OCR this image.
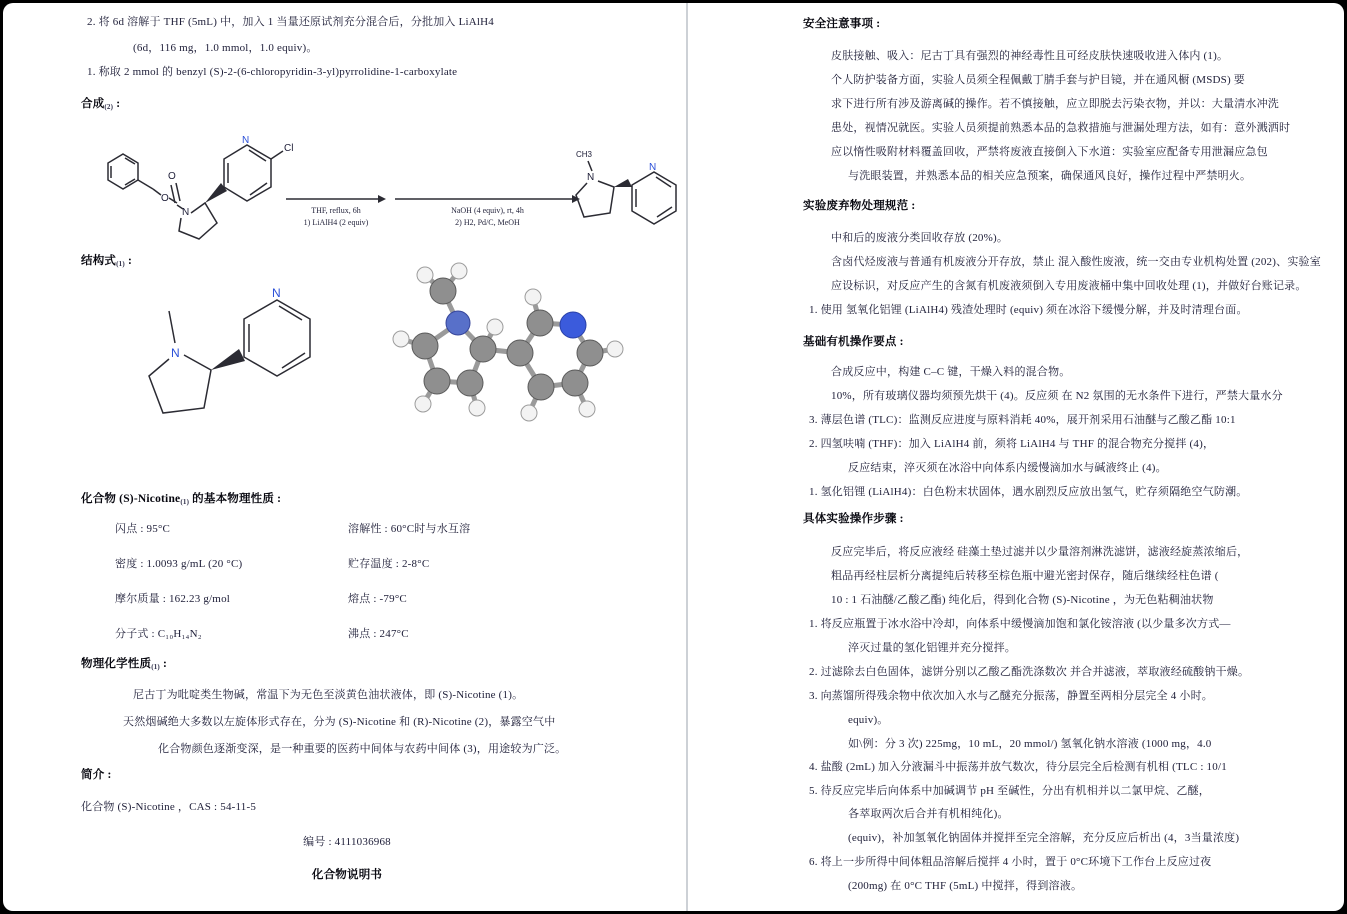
2. 将 6d 溶解于 THF (5mL) 中，加入 1 当量还原试剂充分混合后，分批加入 LiAlH4
(6d，116 mg，1.0 mmol，1.0 equiv)。
1. 称取 2 mmol 的 benzyl (S)-2-(6-chloropyridin-3-yl)pyrrolidine-1-carboxylate
合成$_{(2)}$ :
O
O
N
N
Cl
THF, reflux, 6h
1) LiAlH4 (2 equiv)
NaOH (4 equiv), rt, 4h
2) H2, Pd/C, MeOH
CH3
N
N
结构式$_{(1)}$ :
N
N
化合物 (S)-Nicotine$_{(1)}$ 的基本物理性质 :
闪点 : 95°C	溶解性 : 60°C时与水互溶
密度 : 1.0093 g/mL (20 °C)	贮存温度 : 2-8°C
摩尔质量 : 162.23 g/mol	熔点 : -79°C
分子式 : C₁₀H₁₄N₂	沸点 : 247°C
物理化学性质$_{(1)}$ :
尼古丁为吡啶类生物碱，常温下为无色至淡黄色油状液体，即 (S)-Nicotine (1)。
天然烟碱绝大多数以左旋体形式存在，分为 (S)-Nicotine 和 (R)-Nicotine (2)，暴露空气中
化合物颜色逐渐变深，是一种重要的医药中间体与农药中间体 (3)，用途较为广泛。
简介 :
化合物 (S)-Nicotine ，CAS : 54-11-5
编号 : 4111036968
化合物说明书
安全注意事项 :
皮肤接触、吸入：尼古丁具有强烈的神经毒性且可经皮肤快速吸收进入体内 (1)。
个人防护装备方面，实验人员须全程佩戴丁腈手套与护目镜，并在通风橱 (MSDS) 要
求下进行所有涉及游离碱的操作。若不慎接触，应立即脱去污染衣物，并以：大量清水冲洗
患处，视情况就医。实验人员须提前熟悉本品的急救措施与泄漏处理方法，如有：意外溅洒时
应以惰性吸附材料覆盖回收，严禁将废液直接倒入下水道：实验室应配备专用泄漏应急包
与洗眼装置，并熟悉本品的相关应急预案，确保通风良好，操作过程中严禁明火。
实验废弃物处理规范 :
中和后的废液分类回收存放 (20%)。
含卤代烃废液与普通有机废液分开存放，禁止 混入酸性废液，统一交由专业机构处置 (202)、实验室
应设标识，对反应产生的含氮有机废液须倒入专用废液桶中集中回收处理 (1)，并做好台账记录。
1. 使用 氢氧化铝锂 (LiAlH4) 残渣处理时 (equiv) 须在冰浴下缓慢分解，并及时清理台面。
基础有机操作要点 :
合成反应中，构建 C–C 键，干燥入料的混合物。
10%，所有玻璃仪器均须预先烘干 (4)。反应须 在 N2 氛围的无水条件下进行，严禁大量水分
3. 薄层色谱 (TLC)：监测反应进度与原料消耗 40%，展开剂采用石油醚与乙酸乙酯 10:1
2. 四氢呋喃 (THF)：加入 LiAlH4 前，须将 LiAlH4 与 THF 的混合物充分搅拌 (4)，
反应结束，淬灭须在冰浴中向体系内缓慢滴加水与碱液终止 (4)。
1. 氢化铝锂 (LiAlH4)：白色粉末状固体，遇水剧烈反应放出氢气，贮存须隔绝空气防潮。
具体实验操作步骤 :
反应完毕后，将反应液经 硅藻土垫过滤并以少量溶剂淋洗滤饼，滤液经旋蒸浓缩后，
粗品再经柱层析分离提纯后转移至棕色瓶中避光密封保存，随后继续经柱色谱 (
10 : 1 石油醚/乙酸乙酯) 纯化后，得到化合物 (S)-Nicotine ，为无色粘稠油状物
1. 将反应瓶置于冰水浴中冷却，向体系中缓慢滴加饱和氯化铵溶液 (以少量多次方式—
淬灭过量的氢化铝锂并充分搅拌。
2. 过滤除去白色固体，滤饼分别以乙酸乙酯洗涤数次 并合并滤液，萃取液经硫酸钠干燥。
3. 向蒸馏所得残余物中依次加入水与乙醚充分振荡，静置至两相分层完全 4 小时。
equiv)。
如\例：分 3 次) 225mg，10 mL，20 mmol/) 氢氧化钠水溶液 (1000 mg，4.0
4. 盐酸 (2mL) 加入分液漏斗中振荡并放气数次，待分层完全后检测有机相 (TLC : 10/1
5. 待反应完毕后向体系中加碱调节 pH 至碱性，分出有机相并以二氯甲烷、乙醚，
各萃取两次后合并有机相纯化)。
(equiv)，补加氢氧化钠固体并搅拌至完全溶解，充分反应后析出 (4，3当量浓度)
6. 将上一步所得中间体粗品溶解后搅拌 4 小时，置于 0°C环境下工作台上反应过夜
(200mg) 在 0°C THF (5mL) 中搅拌，得到溶液。
